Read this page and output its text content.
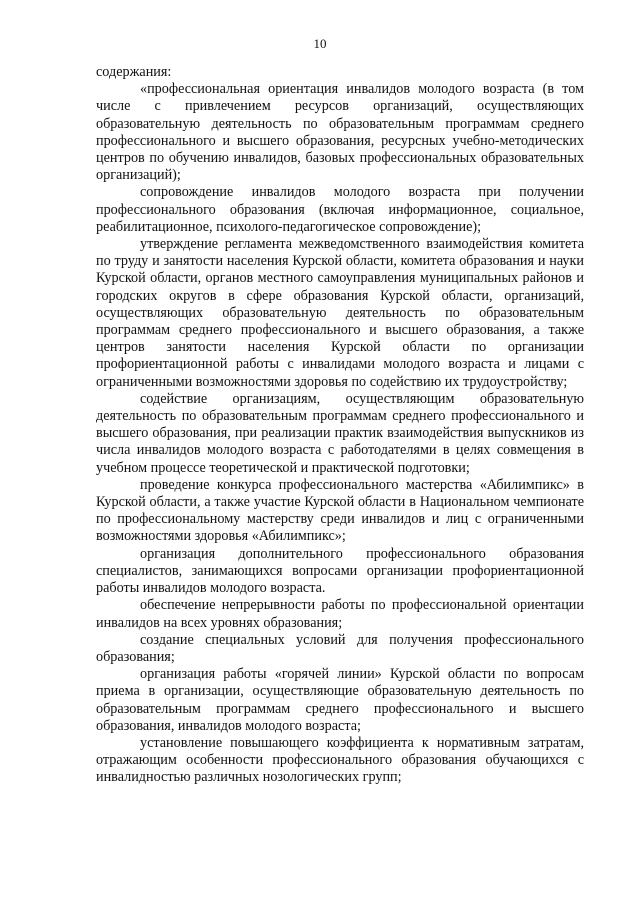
10

содержания:

«профессиональная ориентация инвалидов молодого возраста (в том числе с привлечением ресурсов организаций, осуществляющих образовательную деятельность по образовательным программам среднего профессионального и высшего образования, ресурсных учебно-методических центров по обучению инвалидов, базовых профессиональных образовательных организаций);

сопровождение инвалидов молодого возраста при получении профессионального образования (включая информационное, социальное, реабилитационное, психолого-педагогическое сопровождение);

утверждение регламента межведомственного взаимодействия комитета по труду и занятости населения Курской области, комитета образования и науки Курской области, органов местного самоуправления муниципальных районов и городских округов в сфере образования Курской области, организаций, осуществляющих образовательную деятельность по образовательным программам среднего профессионального и высшего образования, а также центров занятости населения Курской области по организации профориентационной работы с инвалидами молодого возраста и лицами с ограниченными возможностями здоровья по содействию их трудоустройству;

содействие организациям, осуществляющим образовательную деятельность по образовательным программам среднего профессионального и высшего образования, при реализации практик взаимодействия выпускников из числа инвалидов молодого возраста с работодателями в целях совмещения в учебном процессе теоретической и практической подготовки;

проведение конкурса профессионального мастерства «Абилимпикс» в Курской области, а также участие Курской области в Национальном чемпионате по профессиональному мастерству среди инвалидов и лиц с ограниченными возможностями здоровья «Абилимпикс»;

организация дополнительного профессионального образования специалистов, занимающихся вопросами организации профориентационной работы инвалидов молодого возраста.

обеспечение непрерывности работы по профессиональной ориентации инвалидов на всех уровнях образования;

создание специальных условий для получения профессионального образования;

организация работы «горячей линии» Курской области по вопросам приема в организации, осуществляющие образовательную деятельность по образовательным программам среднего профессионального и высшего образования, инвалидов молодого возраста;

установление повышающего коэффициента к нормативным затратам, отражающим особенности профессионального образования обучающихся с инвалидностью различных нозологических групп;
